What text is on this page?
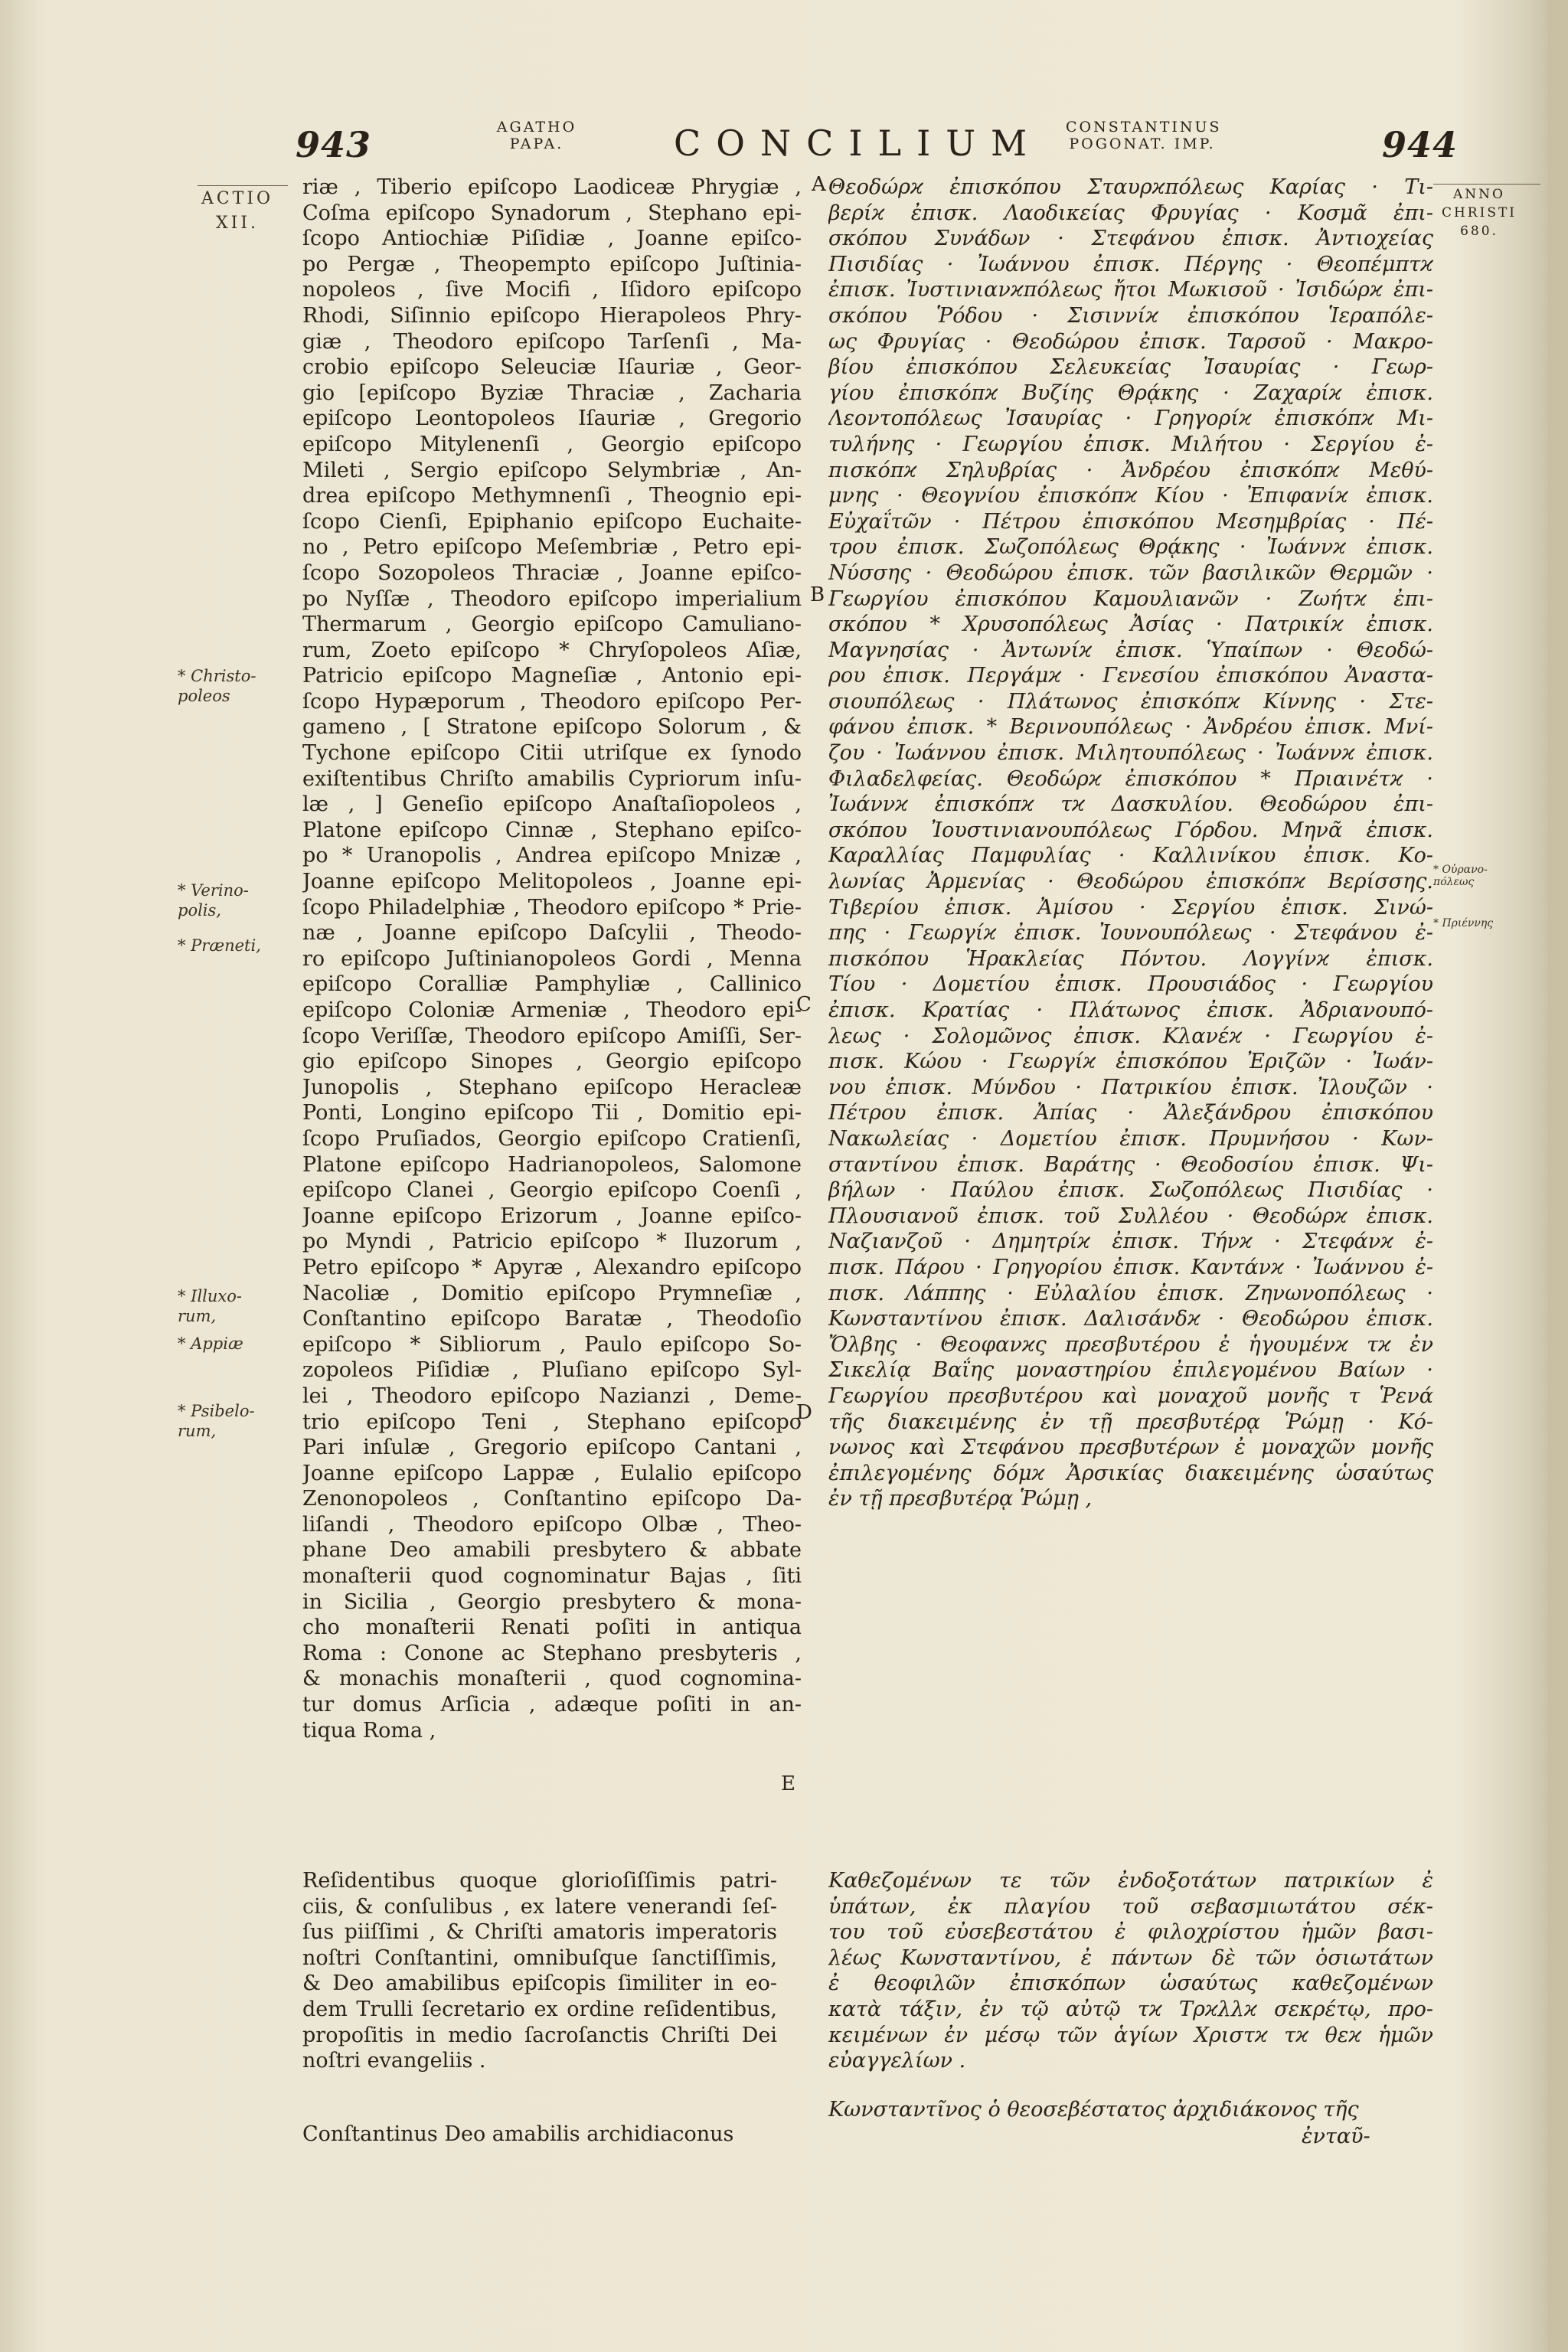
943	AGATHO
PAPA.	CONCILIUM CONSTANTINUS
POGONAT. IMP.	944
ACTIO
XII.
ANNO
CHRISTI
680.
* Christo-
poleos
* Verino-
polis,
* Præneti,
* Illuxo-
rum,
* Appiæ
* Psibelo-
rum,
* Οὐρανο-
πόλεως
* Πριέννης
A
B
C
D
E

riæ , Tiberio epiſcopo Laodiceæ Phrygiæ ,

Coſma epiſcopo Synadorum , Stephano epi-

ſcopo Antiochiæ Piſidiæ , Joanne epiſco-

po Pergæ , Theopempto epiſcopo Juſtinia-

nopoleos , ſive Mocifi , Iſidoro epiſcopo

Rhodi, Siſinnio epiſcopo Hierapoleos Phry-

giæ , Theodoro epiſcopo Tarſenſi , Ma-

crobio epiſcopo Seleuciæ Iſauriæ , Geor-

gio [epiſcopo Byziæ Thraciæ , Zacharia

epiſcopo Leontopoleos Iſauriæ , Gregorio

epiſcopo Mitylenenſi , Georgio epiſcopo

Mileti , Sergio epiſcopo Selymbriæ , An-

drea epiſcopo Methymnenſi , Theognio epi-

ſcopo Cienſi, Epiphanio epiſcopo Euchaite-

no , Petro epiſcopo Meſembriæ , Petro epi-

ſcopo Sozopoleos Thraciæ , Joanne epiſco-

po Nyſſæ , Theodoro epiſcopo imperialium

Thermarum , Georgio epiſcopo Camuliano-

rum, Zoeto epiſcopo * Chryſopoleos Aſiæ,

Patricio epiſcopo Magneſiæ , Antonio epi-

ſcopo Hypæporum , Theodoro epiſcopo Per-

gameno , [ Stratone epiſcopo Solorum , &

Tychone epiſcopo Citii utriſque ex ſynodo

exiſtentibus Chriſto amabilis Cypriorum inſu-

læ , ] Geneſio epiſcopo Anaſtaſiopoleos ,

Platone epiſcopo Cinnæ , Stephano epiſco-

po * Uranopolis , Andrea epiſcopo Mnizæ ,

Joanne epiſcopo Melitopoleos , Joanne epi-

ſcopo Philadelphiæ , Theodoro epiſcopo * Prie-

næ , Joanne epiſcopo Daſcylii , Theodo-

ro epiſcopo Juſtinianopoleos Gordi , Menna

epiſcopo Coralliæ Pamphyliæ , Callinico

epiſcopo Coloniæ Armeniæ , Theodoro epi-

ſcopo Veriſſæ, Theodoro epiſcopo Amiſſi, Ser-

gio epiſcopo Sinopes , Georgio epiſcopo

Junopolis , Stephano epiſcopo Heracleæ

Ponti, Longino epiſcopo Tii , Domitio epi-

ſcopo Pruſiados, Georgio epiſcopo Cratienſi,

Platone epiſcopo Hadrianopoleos, Salomone

epiſcopo Clanei , Georgio epiſcopo Coenſi ,

Joanne epiſcopo Erizorum , Joanne epiſco-

po Myndi , Patricio epiſcopo * Iluzorum ,

Petro epiſcopo * Apyræ , Alexandro epiſcopo

Nacoliæ , Domitio epiſcopo Prymneſiæ ,

Conſtantino epiſcopo Baratæ , Theodoſio

epiſcopo * Sibliorum , Paulo epiſcopo So-

zopoleos Piſidiæ , Pluſiano epiſcopo Syl-

lei , Theodoro epiſcopo Nazianzi , Deme-

trio epiſcopo Teni , Stephano epiſcopo

Pari inſulæ , Gregorio epiſcopo Cantani ,

Joanne epiſcopo Lappæ , Eulalio epiſcopo

Zenonopoleos , Conſtantino epiſcopo Da-

liſandi , Theodoro epiſcopo Olbæ , Theo-

phane Deo amabili presbytero & abbate

monaſterii quod cognominatur Bajas , ſiti

in Sicilia , Georgio presbytero & mona-

cho monaſterii Renati poſiti in antiqua

Roma : Conone ac Stephano presbyteris ,

& monachis monaſterii , quod cognomina-

tur domus Arſicia , adæque poſiti in an-

tiqua Roma ,

Θεοδώρϰ ἐπισκόπου Σταυρϰπόλεως Καρίας · Τι-

βερίϰ ἐπισκ. Λαοδικείας Φρυγίας · Κοσμᾶ ἐπι-

σκόπου Συνάδων · Στεφάνου ἐπισκ. Ἀντιοχείας

Πισιδίας · Ἰωάννου ἐπισκ. Πέργης · Θεοπέμπτϰ

ἐπισκ. Ἰυστινιανϰπόλεως ἤτοι Μωκισοῦ · Ἰσιδώρϰ ἐπι-

σκόπου Ῥόδου · Σισιννίϰ ἐπισκόπου Ἱεραπόλε-

ως Φρυγίας · Θεοδώρου ἐπισκ. Ταρσοῦ · Μακρο-

βίου ἐπισκόπου Σελευκείας Ἰσαυρίας · Γεωρ-

γίου ἐπισκόπϰ Βυζίης Θρᾴκης · Ζαχαρίϰ ἐπισκ.

Λεοντοπόλεως Ἰσαυρίας · Γρηγορίϰ ἐπισκόπϰ Μι-

τυλήνης · Γεωργίου ἐπισκ. Μιλήτου · Σεργίου ἐ-

πισκόπϰ Σηλυβρίας · Ἀνδρέου ἐπισκόπϰ Μεθύ-

μνης · Θεογνίου ἐπισκόπϰ Κίου · Ἐπιφανίϰ ἐπισκ.

Εὐχαΐτῶν · Πέτρου ἐπισκόπου Μεσημβρίας · Πέ-

τρου ἐπισκ. Σωζοπόλεως Θρᾴκης · Ἰωάννϰ ἐπισκ.

Νύσσης · Θεοδώρου ἐπισκ. τῶν βασιλικῶν Θερμῶν ·

Γεωργίου ἐπισκόπου Καμουλιανῶν · Ζωήτϰ ἐπι-

σκόπου * Χρυσοπόλεως Ἀσίας · Πατρικίϰ ἐπισκ.

Μαγνησίας · Ἀντωνίϰ ἐπισκ. Ὑπαίπων · Θεοδώ-

ρου ἐπισκ. Περγάμϰ · Γενεσίου ἐπισκόπου Ἀναστα-

σιουπόλεως · Πλάτωνος ἐπισκόπϰ Κίννης · Στε-

φάνου ἐπισκ. * Βερινουπόλεως · Ἀνδρέου ἐπισκ. Μνί-

ζου · Ἰωάννου ἐπισκ. Μιλητουπόλεως · Ἰωάννϰ ἐπισκ.

Φιλαδελφείας. Θεοδώρϰ ἐπισκόπου * Πριαινέτϰ ·

Ἰωάννϰ ἐπισκόπϰ τϰ Δασκυλίου. Θεοδώρου ἐπι-

σκόπου Ἰουστινιανουπόλεως Γόρδου. Μηνᾶ ἐπισκ.

Καραλλίας Παμφυλίας · Καλλινίκου ἐπισκ. Κο-

λωνίας Ἀρμενίας · Θεοδώρου ἐπισκόπϰ Βερίσσης.

Τιβερίου ἐπισκ. Ἀμίσου · Σεργίου ἐπισκ. Σινώ-

πης · Γεωργίϰ ἐπισκ. Ἰουνουπόλεως · Στεφάνου ἐ-

πισκόπου Ἡρακλείας Πόντου. Λογγίνϰ ἐπισκ.

Τίου · Δομετίου ἐπισκ. Προυσιάδος · Γεωργίου

ἐπισκ. Κρατίας · Πλάτωνος ἐπισκ. Ἀδριανουπό-

λεως · Σολομῶνος ἐπισκ. Κλανέϰ · Γεωργίου ἐ-

πισκ. Κώου · Γεωργίϰ ἐπισκόπου Ἐριζῶν · Ἰωάν-

νου ἐπισκ. Μύνδου · Πατρικίου ἐπισκ. Ἰλουζῶν ·

Πέτρου ἐπισκ. Ἀπίας · Ἀλεξάνδρου ἐπισκόπου

Νακωλείας · Δομετίου ἐπισκ. Πρυμνήσου · Κων-

σταντίνου ἐπισκ. Βαράτης · Θεοδοσίου ἐπισκ. Ψι-

βήλων · Παύλου ἐπισκ. Σωζοπόλεως Πισιδίας ·

Πλουσιανοῦ ἐπισκ. τοῦ Συλλέου · Θεοδώρϰ ἐπισκ.

Ναζιανζοῦ · Δημητρίϰ ἐπισκ. Τήνϰ · Στεφάνϰ ἐ-

πισκ. Πάρου · Γρηγορίου ἐπισκ. Καντάνϰ · Ἰωάννου ἐ-

πισκ. Λάππης · Εὐλαλίου ἐπισκ. Ζηνωνοπόλεως ·

Κωνσταντίνου ἐπισκ. Δαλισάνδϰ · Θεοδώρου ἐπισκ.

Ὄλβης · Θεοφανϰς πρεσβυτέρου ἐ ἡγουμένϰ τϰ ἐν

Σικελίᾳ Βαΐης μοναστηρίου ἐπιλεγομένου Βαίων ·

Γεωργίου πρεσβυτέρου καὶ μοναχοῦ μονῆς τ Ῥενά

τῆς διακειμένης ἐν τῇ πρεσβυτέρᾳ Ῥώμῃ · Κό-

νωνος καὶ Στεφάνου πρεσβυτέρων ἐ μοναχῶν μονῆς

ἐπιλεγομένης δόμϰ Ἀρσικίας διακειμένης ὡσαύτως

ἐν τῇ πρεσβυτέρᾳ Ῥώμῃ ,

Reſidentibus quoque glorioſiſſimis patri-

ciis, & conſulibus , ex latere venerandi ſeſ-

ſus piiſſimi , & Chriſti amatoris imperatoris

noſtri Conſtantini, omnibuſque ſanctiſſimis,

& Deo amabilibus epiſcopis ſimiliter in eo-

dem Trulli ſecretario ex ordine reſidentibus,

propoſitis in medio ſacroſanctis Chriſti Dei

noſtri evangeliis .

Καθεζομένων τε τῶν ἐνδοξοτάτων πατρικίων ἐ

ὑπάτων, ἐκ πλαγίου τοῦ σεβασμιωτάτου σέκ-

του τοῦ εὐσεβεστάτου ἐ φιλοχρίστου ἡμῶν βασι-

λέως Κωνσταντίνου, ἐ πάντων δὲ τῶν ὁσιωτάτων

ἐ θεοφιλῶν ἐπισκόπων ὡσαύτως καθεζομένων

κατὰ τάξιν, ἐν τῷ αὐτῷ τϰ Τρϰλλϰ σεκρέτῳ, προ-

κειμένων ἐν μέσῳ τῶν ἁγίων Χριστϰ τϰ θεϰ ἡμῶν

εὐαγγελίων .

Conſtantinus Deo amabilis archidiaconus
Κωνσταντῖνος ὁ θεοσεβέστατος ἀρχιδιάκονος τῆς
ἐνταῦ-
